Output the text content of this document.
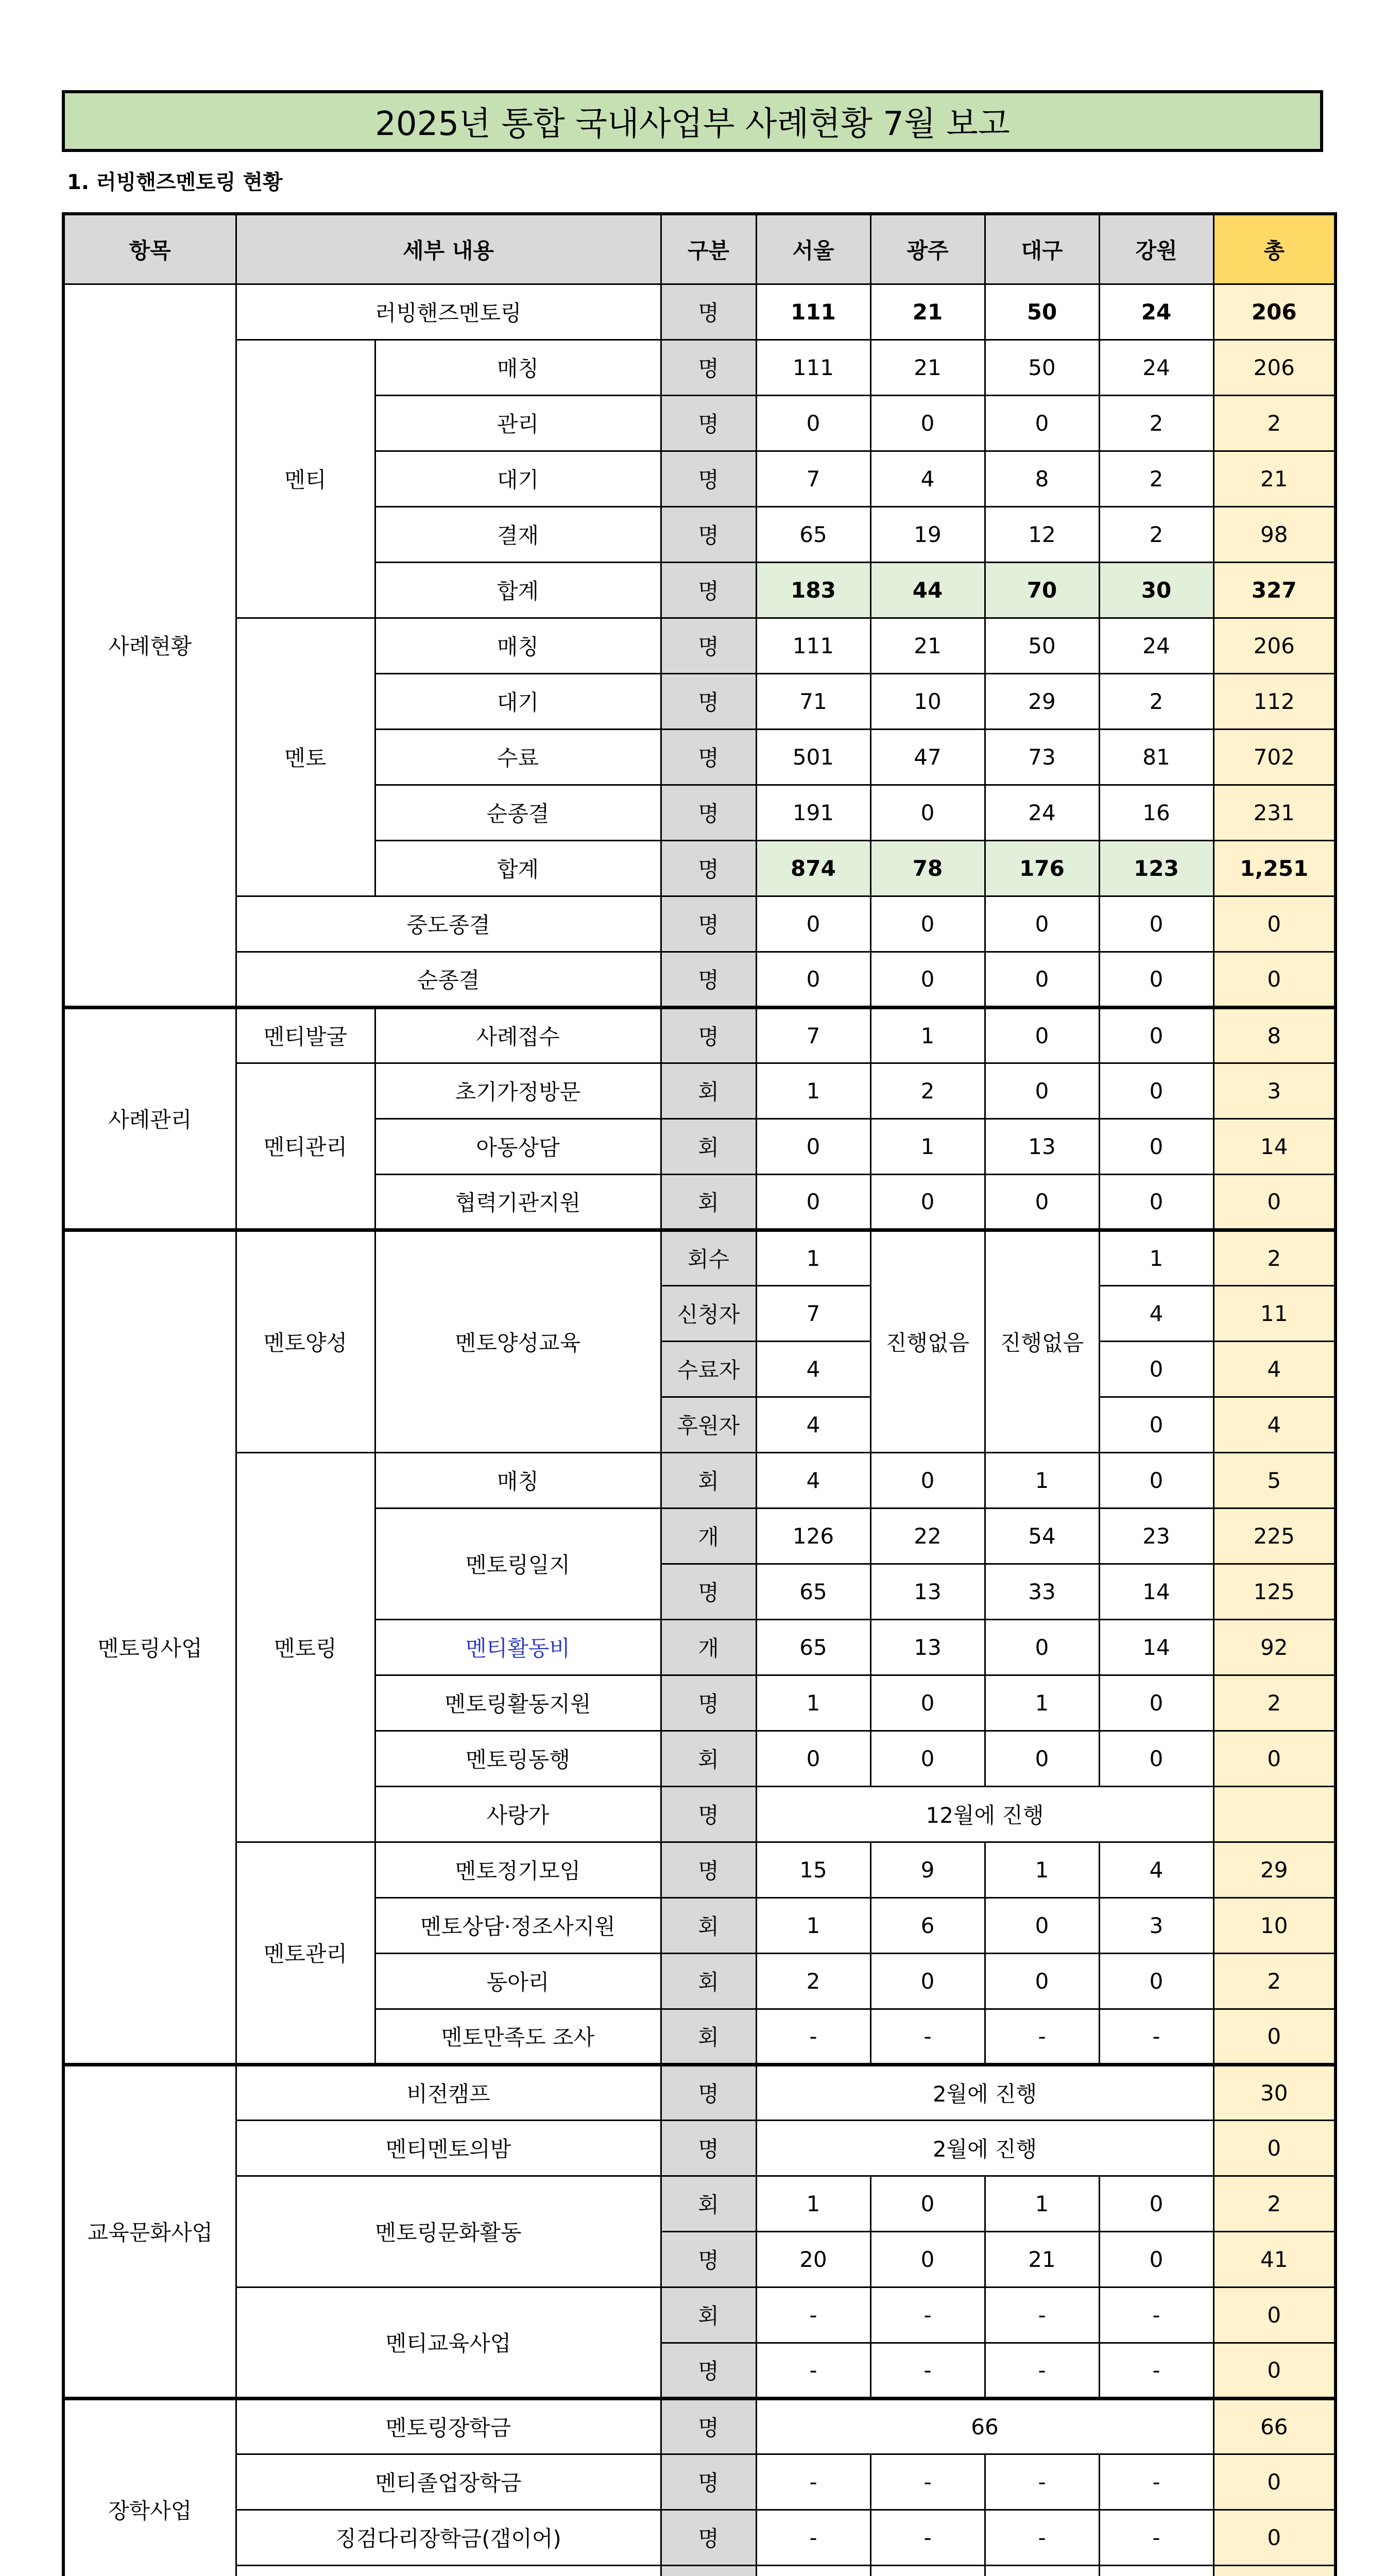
2025년 통합 국내사업부 사례현황 7월 보고
1. 러빙핸즈멘토링 현황
항목	세부 내용		구분	서울	광주	대구	강원	총
사례현황	러빙핸즈멘토링		명	111	21	50	24	206
	멘티	매칭	명	111	21	50	24	206
		관리	명	0	0	0	2	2
		대기	명	7	4	8	2	21
		결재	명	65	19	12	2	98
		합계	명	183	44	70	30	327
	멘토	매칭	명	111	21	50	24	206
		대기	명	71	10	29	2	112
		수료	명	501	47	73	81	702
		순종결	명	191	0	24	16	231
		합계	명	874	78	176	123	1,251
	중도종결		명	0	0	0	0	0
	순종결		명	0	0	0	0	0
사례관리	멘티발굴	사례접수	명	7	1	0	0	8
	멘티관리	초기가정방문	회	1	2	0	0	3
		아동상담	회	0	1	13	0	14
		협력기관지원	회	0	0	0	0	0
멘토링사업	멘토양성	멘토양성교육	회수	1	진행없음	진행없음	1	2
			신청자	7			4	11
			수료자	4			0	4
			후원자	4			0	4
	멘토링	매칭	회	4	0	1	0	5
		멘토링일지	개	126	22	54	23	225
			명	65	13	33	14	125
		멘티활동비	개	65	13	0	14	92
		멘토링활동지원	명	1	0	1	0	2
		멘토링동행	회	0	0	0	0	0
		사랑가	명	12월에 진행				
	멘토관리	멘토정기모임	명	15	9	1	4	29
		멘토상담·정조사지원	회	1	6	0	3	10
		동아리	회	2	0	0	0	2
		멘토만족도 조사	회	-	-	-	-	0
교육문화사업	비전캠프		명	2월에 진행				30
	멘티멘토의밤		명	2월에 진행				0
	멘토링문화활동		회	1	0	1	0	2
			명	20	0	21	0	41
	멘티교육사업		회	-	-	-	-	0
			명	-	-	-	-	0
장학사업	멘토링장학금		명	66				66
	멘티졸업장학금		명	-	-	-	-	0
	징검다리장학금(갭이어)		명	-	-	-	-	0
